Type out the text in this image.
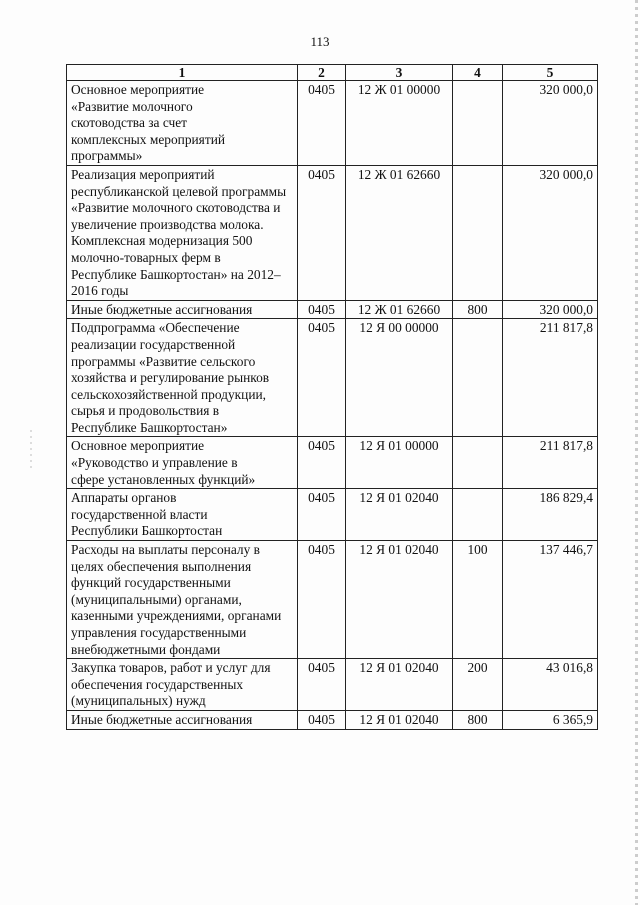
113
1	2	3	4	5

Основное мероприятие «Развитие молочного скотоводства за счет комплексных мероприятий программы»	0405	12 Ж 01 00000		320 000,0

Реализация мероприятий республиканской целевой программы «Развитие молочного скотоводства и увеличение производства молока. Комплексная модернизация 500 молочно-товарных ферм в Республике Башкортостан» на 2012–2016 годы	0405	12 Ж 01 62660		320 000,0
Иные бюджетные ассигнования	0405	12 Ж 01 62660	800	320 000,0

Подпрограмма «Обеспечение реализации государственной программы «Развитие сельского хозяйства и регулирование рынков сельскохозяйственной продукции, сырья и продовольствия в Республике Башкортостан»	0405	12 Я 00 00000		211 817,8

Основное мероприятие «Руководство и управление в сфере установленных функций»	0405	12 Я 01 00000		211 817,8

Аппараты органов государственной власти Республики Башкортостан	0405	12 Я 01 02040		186 829,4
Расходы на выплаты персоналу в целях обеспечения выполнения функций государственными (муниципальными) органами, казенными учреждениями, органами управления государственными внебюджетными фондами	0405	12 Я 01 02040	100	137 446,7

Закупка товаров, работ и услуг для обеспечения государственных (муниципальных) нужд	0405	12 Я 01 02040	200	43 016,8
Иные бюджетные ассигнования	0405	12 Я 01 02040	800	6 365,9
